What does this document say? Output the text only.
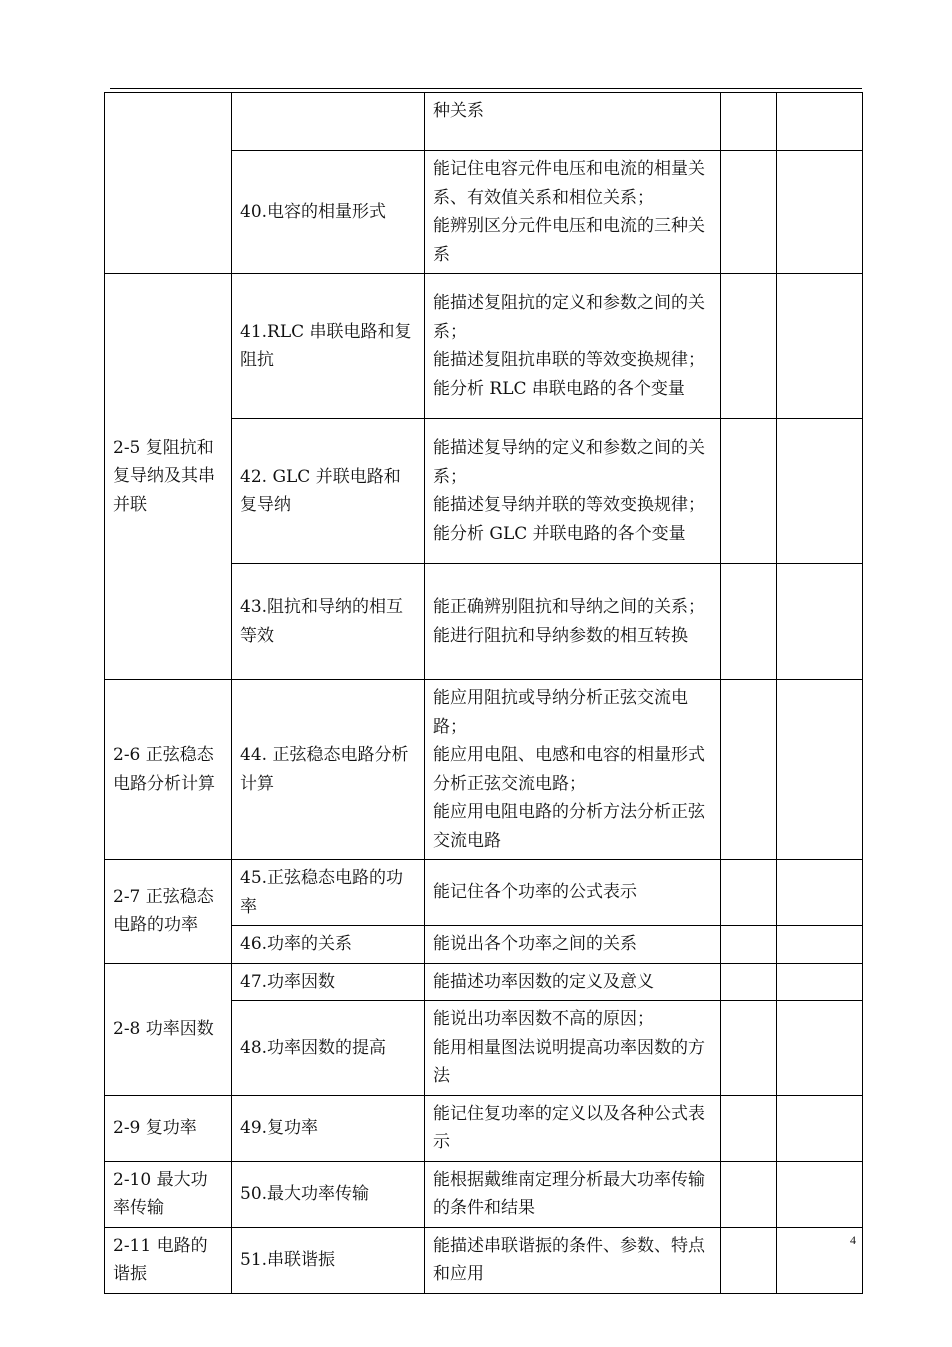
		种关系		

	40.电容的相量形式	能记住电容元件电压和电流的相量关系、有效值关系和相位关系；
能辨别区分元件电压和电流的三种关系		

2-5 复阻抗和复导纳及其串并联	41.RLC 串联电路和复阻抗	能描述复阻抗的定义和参数之间的关系；
能描述复阻抗串联的等效变换规律；
能分析 RLC 串联电路的各个变量		

	42. GLC 并联电路和复导纳	能描述复导纳的定义和参数之间的关系；
能描述复导纳并联的等效变换规律；
能分析 GLC 并联电路的各个变量		

	43.阻抗和导纳的相互等效	能正确辨别阻抗和导纳之间的关系；
能进行阻抗和导纳参数的相互转换		

2-6 正弦稳态电路分析计算	44. 正弦稳态电路分析计算	能应用阻抗或导纳分析正弦交流电路；
能应用电阻、电感和电容的相量形式分析正弦交流电路；
能应用电阻电路的分析方法分析正弦交流电路		

2-7 正弦稳态电路的功率	45.正弦稳态电路的功率	能记住各个功率的公式表示		

	46.功率的关系	能说出各个功率之间的关系		

2-8 功率因数	47.功率因数	能描述功率因数的定义及意义		

	48.功率因数的提高	能说出功率因数不高的原因；
能用相量图法说明提高功率因数的方法		

2-9 复功率	49.复功率	能记住复功率的定义以及各种公式表示		

2-10 最大功率传输	50.最大功率传输	能根据戴维南定理分析最大功率传输的条件和结果		

2-11 电路的谐振	51.串联谐振	能描述串联谐振的条件、参数、特点和应用		

4
